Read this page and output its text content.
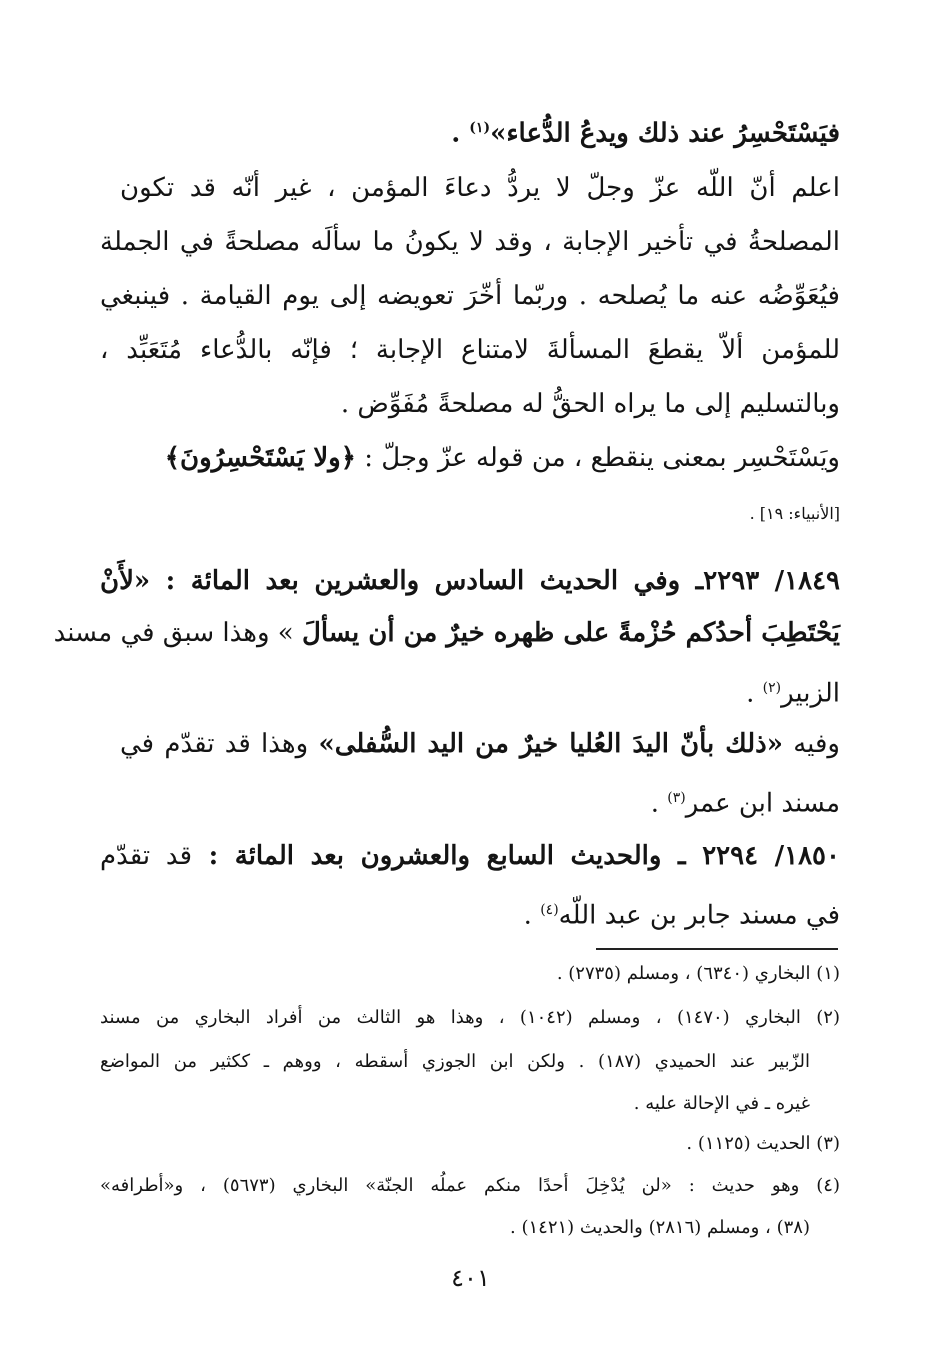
فيَسْتَحْسِرُ عند ذلك ويدعُ الدُّعاء»$^{(١)}$ .
اعلم أنّ اللّه عزّ وجلّ لا يردُّ دعاءَ المؤمن ، غير أنّه قد تكون
المصلحةُ في تأخير الإجابة ، وقد لا يكونُ ما سألَه مصلحةً في الجملة
فيُعَوِّضُه عنه ما يُصلحه . وربّما أخّرَ تعويضه إلى يوم القيامة . فينبغي
للمؤمن ألاّ يقطعَ المسألةَ لامتناع الإجابة ؛ فإنّه بالدُّعاء مُتَعَبِّد ،
وبالتسليم إلى ما يراه الحقُّ له مصلحةً مُفَوِّض .
ويَسْتَحْسِر بمعنى ينقطع ، من قوله عزّ وجلّ : ﴿ولا يَسْتَحْسِرُونَ﴾
[الأنبياء: ١٩] .
١٨٤٩/ ٢٢٩٣ـ وفي الحديث السادس والعشرين بعد المائة : «لأَنْ
يَحْتَطِبَ أحدُكم حُزْمةً على ظهره خيرٌ من أن يسألَ » وهذا سبق في مسند
الزبير$^{(٢)}$ .
وفيه «ذلك بأنّ اليدَ العُليا خيرٌ من اليد السُّفلى» وهذا قد تقدّم في
مسند ابن عمر$^{(٣)}$ .
١٨٥٠/ ٢٢٩٤ ـ والحديث السابع والعشرون بعد المائة : قد تقدّم
في مسند جابر بن عبد اللّه$^{(٤)}$ .
(١) البخاري (٦٣٤٠) ، ومسلم (٢٧٣٥) .
(٢) البخاري (١٤٧٠) ، ومسلم (١٠٤٢) ، وهذا هو الثالث من أفراد البخاري من مسند
الزّبير عند الحميدي (١٨٧) . ولكن ابن الجوزي أسقطه ، ووهم ـ ككثير من المواضع
غيره ـ في الإحالة عليه .
(٣) الحديث (١١٢٥) .
(٤) وهو حديث : «لن يُدْخِلَ أحدًا منكم عملُه الجنّة» البخاري (٥٦٧٣) ، و«أطرافه»
(٣٨) ، ومسلم (٢٨١٦) والحديث (١٤٢١) .
٤٠١
